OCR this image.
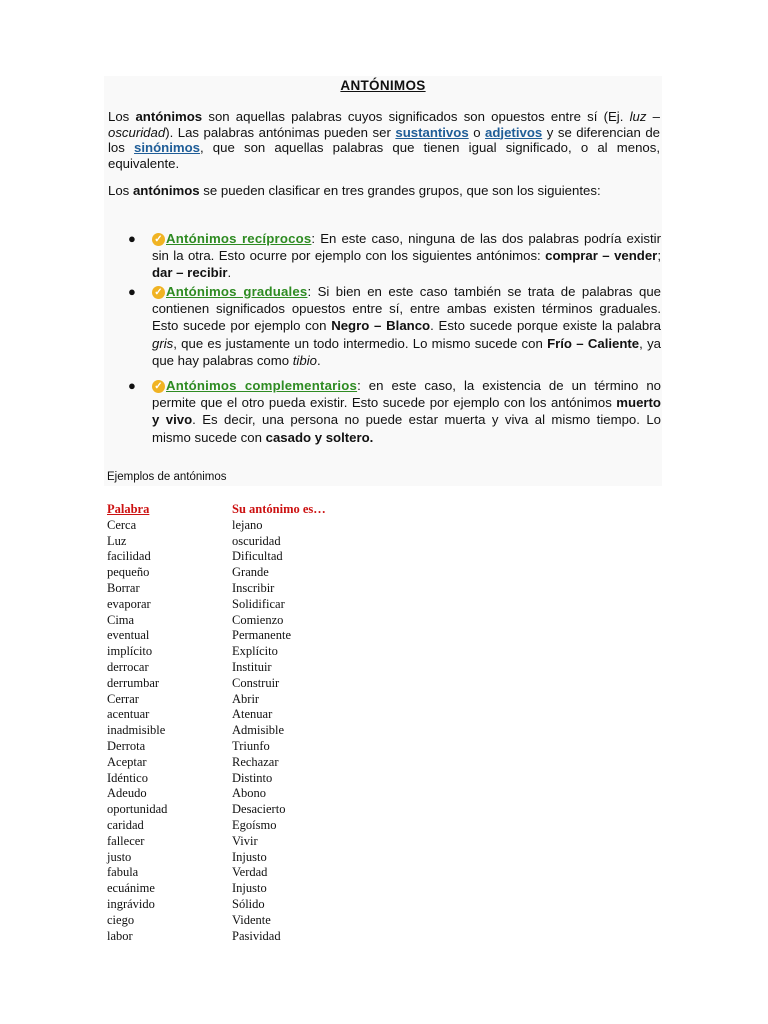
ANTÓNIMOS
Los antónimos son aquellas palabras cuyos significados son opuestos entre sí (Ej. luz – oscuridad). Las palabras antónimas pueden ser sustantivos o adjetivos y se diferencian de los sinónimos, que son aquellas palabras que tienen igual significado, o al menos, equivalente.
Los antónimos se pueden clasificar en tres grandes grupos, que son los siguientes:
● ✓ Antónimos recíprocos: En este caso, ninguna de las dos palabras podría existir sin la otra. Esto ocurre por ejemplo con los siguientes antónimos: comprar – vender; dar – recibir.
● ✓ Antónimos graduales: Si bien en este caso también se trata de palabras que contienen significados opuestos entre sí, entre ambas existen términos graduales. Esto sucede por ejemplo con Negro – Blanco. Esto sucede porque existe la palabra gris, que es justamente un todo intermedio. Lo mismo sucede con Frío – Caliente, ya que hay palabras como tibio.
● ✓ Antónimos complementarios: en este caso, la existencia de un término no permite que el otro pueda existir. Esto sucede por ejemplo con los antónimos muerto y vivo. Es decir, una persona no puede estar muerta y viva al mismo tiempo. Lo mismo sucede con casado y soltero.
Ejemplos de antónimos
Palabra	Su antónimo es…
Cerca	lejano
Luz	oscuridad
facilidad	Dificultad
pequeño	Grande
Borrar	Inscribir
evaporar	Solidificar
Cima	Comienzo
eventual	Permanente
implícito	Explícito
derrocar	Instituir
derrumbar	Construir
Cerrar	Abrir
acentuar	Atenuar
inadmisible	Admisible
Derrota	Triunfo
Aceptar	Rechazar
Idéntico	Distinto
Adeudo	Abono
oportunidad	Desacierto
caridad	Egoísmo
fallecer	Vivir
justo	Injusto
fabula	Verdad
ecuánime	Injusto
ingrávido	Sólido
ciego	Vidente
labor	Pasividad
